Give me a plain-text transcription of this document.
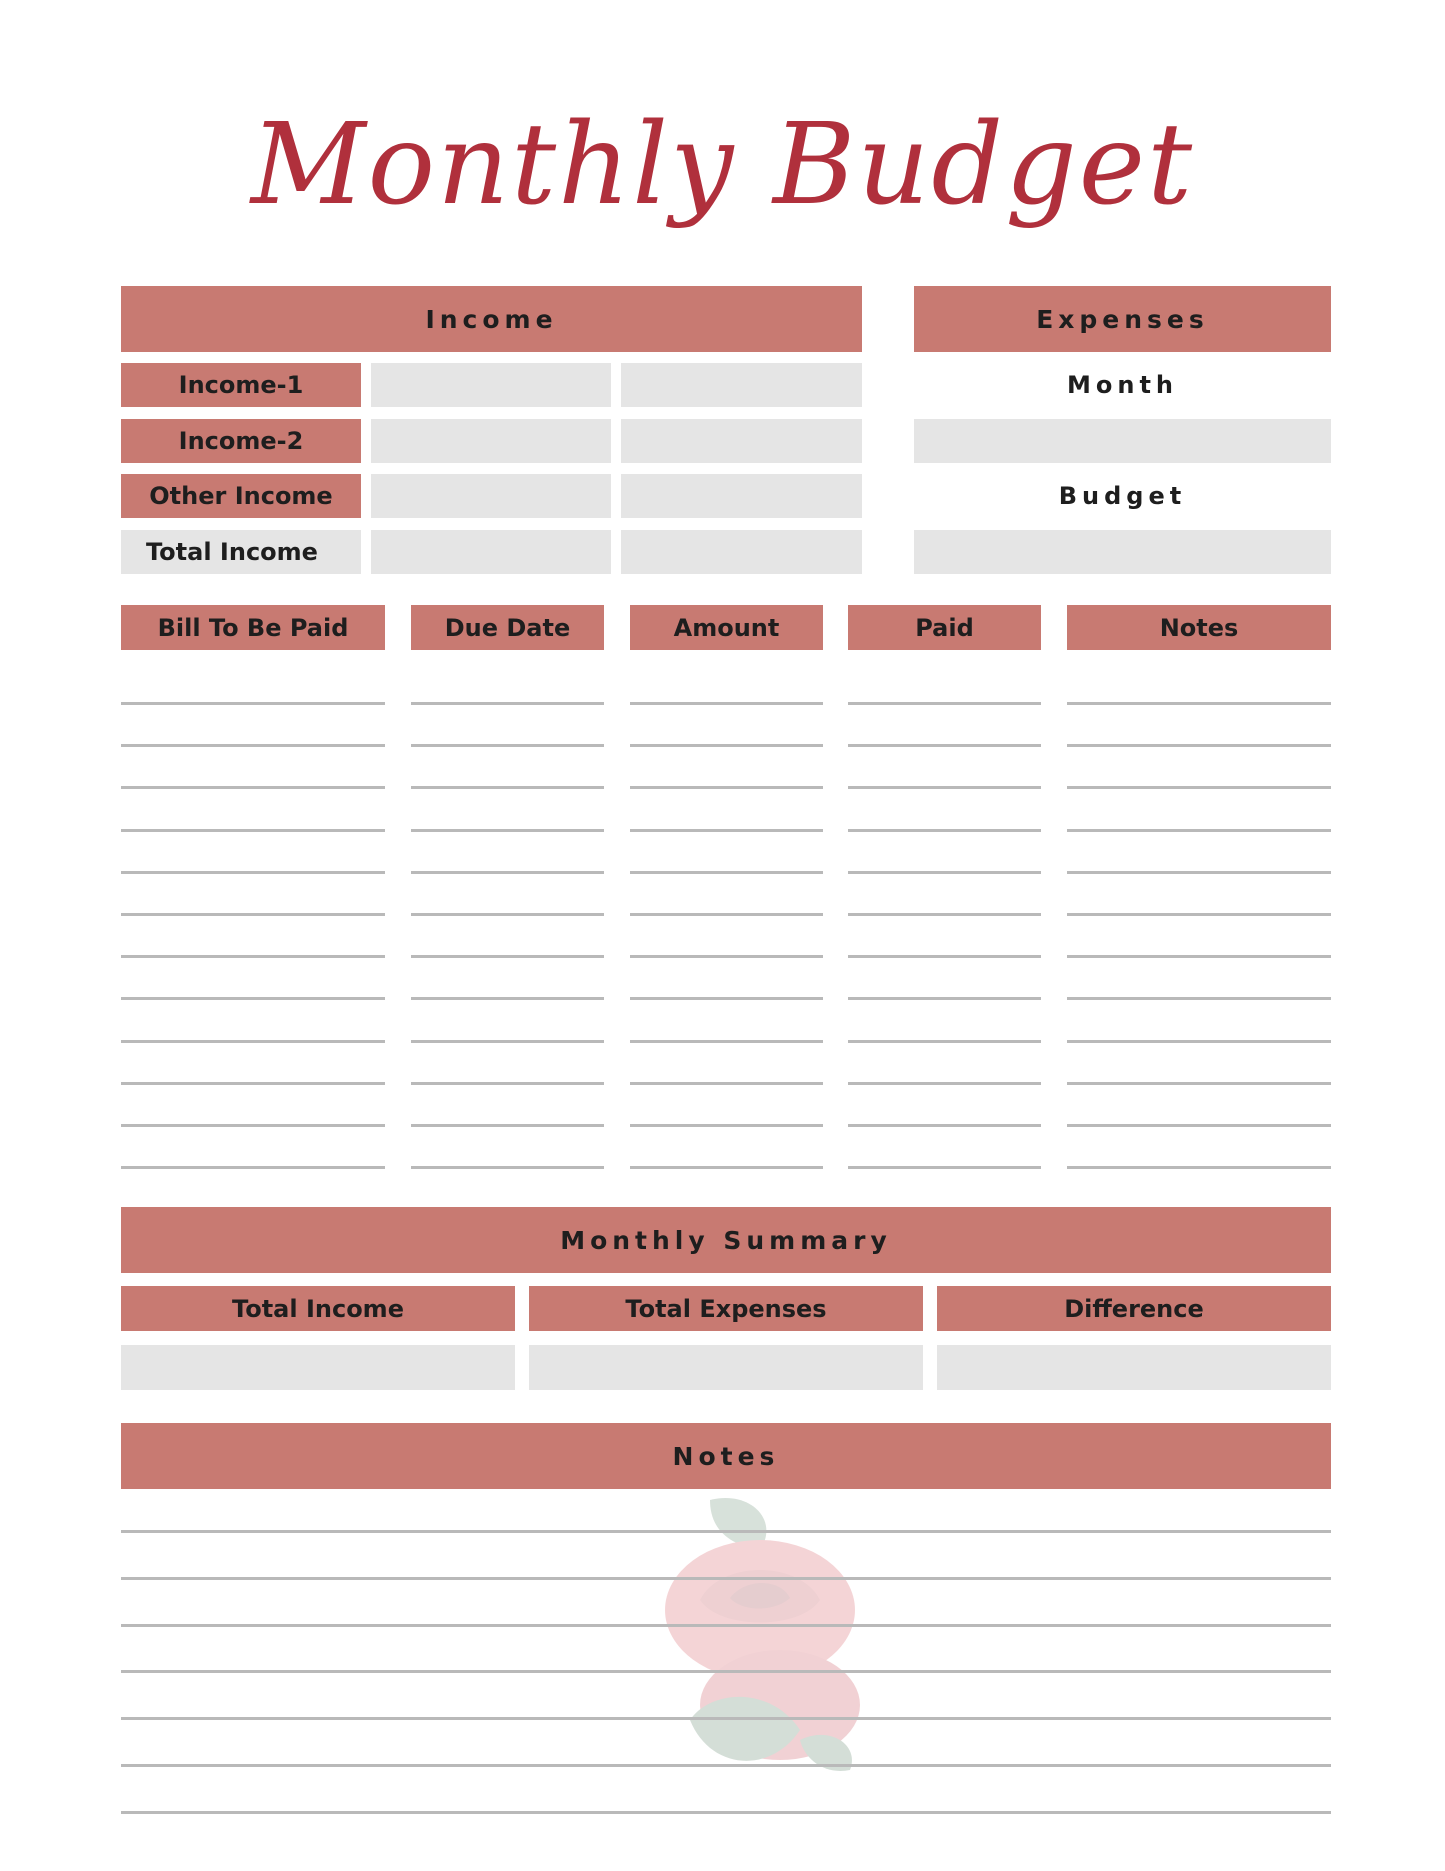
Monthly Budget
Income
Income-1
Income-2
Other Income
Total Income
Expenses
Month
Budget
Bill To Be Paid	Due Date	Amount	Paid	Notes
Monthly Summary
Total Income	Total Expenses	Difference
Notes
